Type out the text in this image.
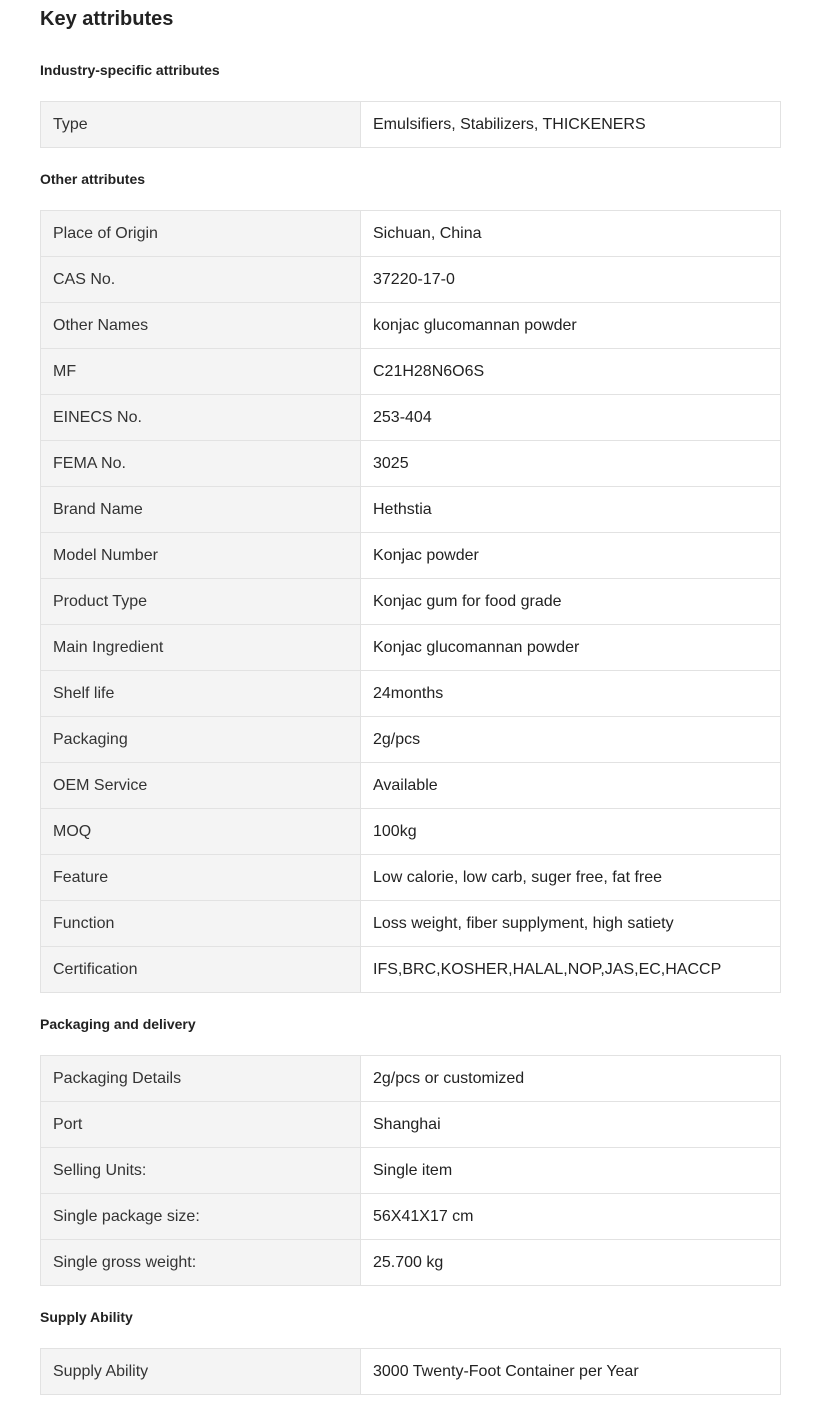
Key attributes
Industry-specific attributes
Type	Emulsifiers, Stabilizers, THICKENERS
Other attributes
Place of Origin	Sichuan, China
CAS No.	37220-17-0
Other Names	konjac glucomannan powder
MF	C21H28N6O6S
EINECS No.	253-404
FEMA No.	3025
Brand Name	Hethstia
Model Number	Konjac powder
Product Type	Konjac gum for food grade
Main Ingredient	Konjac glucomannan powder
Shelf life	24months
Packaging	2g/pcs
OEM Service	Available
MOQ	100kg
Feature	Low calorie, low carb, suger free, fat free
Function	Loss weight, fiber supplyment, high satiety
Certification	IFS,BRC,KOSHER,HALAL,NOP,JAS,EC,HACCP
Packaging and delivery
Packaging Details	2g/pcs or customized
Port	Shanghai
Selling Units:	Single item
Single package size:	56X41X17 cm
Single gross weight:	25.700 kg
Supply Ability
Supply Ability	3000 Twenty-Foot Container per Year
